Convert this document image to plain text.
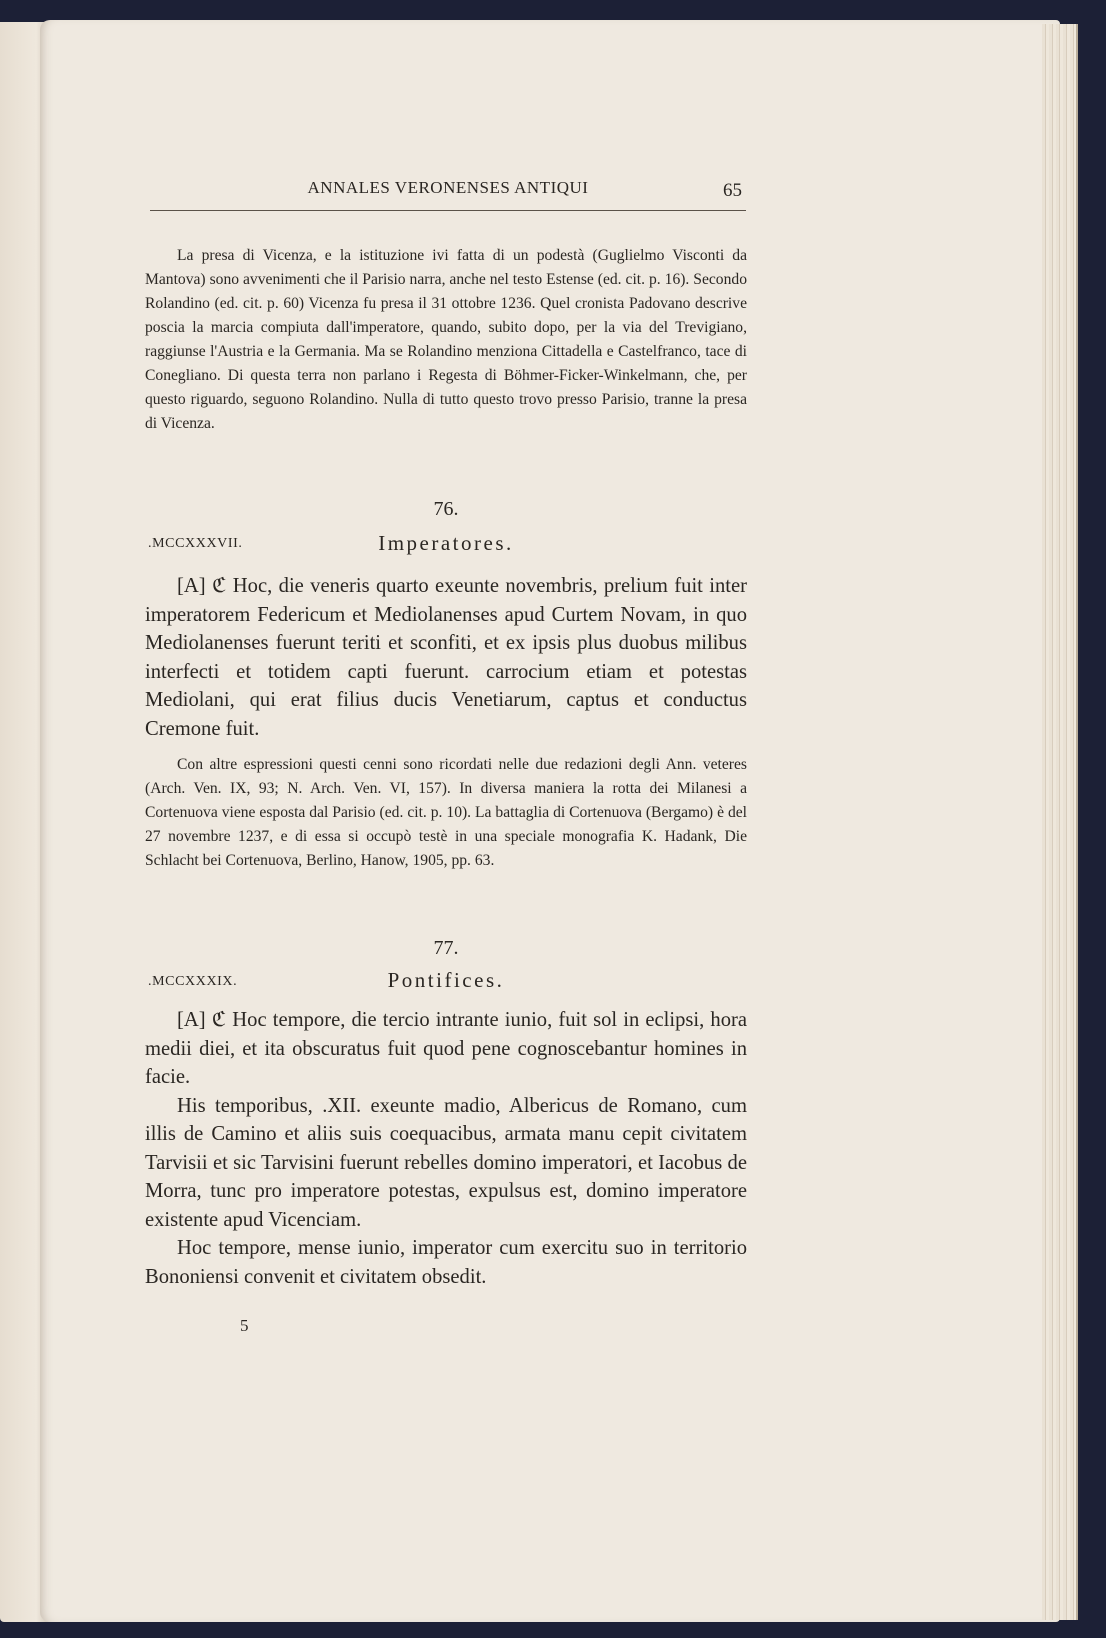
ANNALES VERONENSES ANTIQUI	65

La presa di Vicenza, e la istituzione ivi fatta di un podestà (Guglielmo Visconti da Mantova) sono avvenimenti che il Parisio narra, anche nel testo Estense (ed. cit. p. 16). Secondo Rolandino (ed. cit. p. 60) Vicenza fu presa il 31 ottobre 1236. Quel cronista Padovano descrive poscia la marcia compiuta dall'imperatore, quando, subito dopo, per la via del Trevigiano, raggiunse l'Austria e la Germania. Ma se Rolandino menziona Cittadella e Castelfranco, tace di Conegliano. Di questa terra non parlano i Regesta di Böhmer-Ficker-Winkelmann, che, per questo riguardo, seguono Rolandino. Nulla di tutto questo trovo presso Parisio, tranne la presa di Vicenza.

76.
.MCCXXXVII.	Imperatores.

[A] ℭ Hoc, die veneris quarto exeunte novembris, prelium fuit inter imperatorem Federicum et Mediolanenses apud Curtem Novam, in quo Mediolanenses fuerunt teriti et sconfiti, et ex ipsis plus duobus milibus interfecti et totidem capti fuerunt. carrocium etiam et potestas Mediolani, qui erat filius ducis Venetiarum, captus et conductus Cremone fuit.

Con altre espressioni questi cenni sono ricordati nelle due redazioni degli Ann. veteres (Arch. Ven. IX, 93; N. Arch. Ven. VI, 157). In diversa maniera la rotta dei Milanesi a Cortenuova viene esposta dal Parisio (ed. cit. p. 10). La battaglia di Cortenuova (Bergamo) è del 27 novembre 1237, e di essa si occupò testè in una speciale monografia K. Hadank, Die Schlacht bei Cortenuova, Berlino, Hanow, 1905, pp. 63.

77.
.MCCXXXIX.	Pontifices.

[A] ℭ Hoc tempore, die tercio intrante iunio, fuit sol in eclipsi, hora medii diei, et ita obscuratus fuit quod pene cognoscebantur homines in facie.

His temporibus, .XII. exeunte madio, Albericus de Romano, cum illis de Camino et aliis suis coequacibus, armata manu cepit civitatem Tarvisii et sic Tarvisini fuerunt rebelles domino imperatori, et Iacobus de Morra, tunc pro imperatore potestas, expulsus est, domino imperatore existente apud Vicenciam.

Hoc tempore, mense iunio, imperator cum exercitu suo in territorio Bononiensi convenit et civitatem obsedit.

5
